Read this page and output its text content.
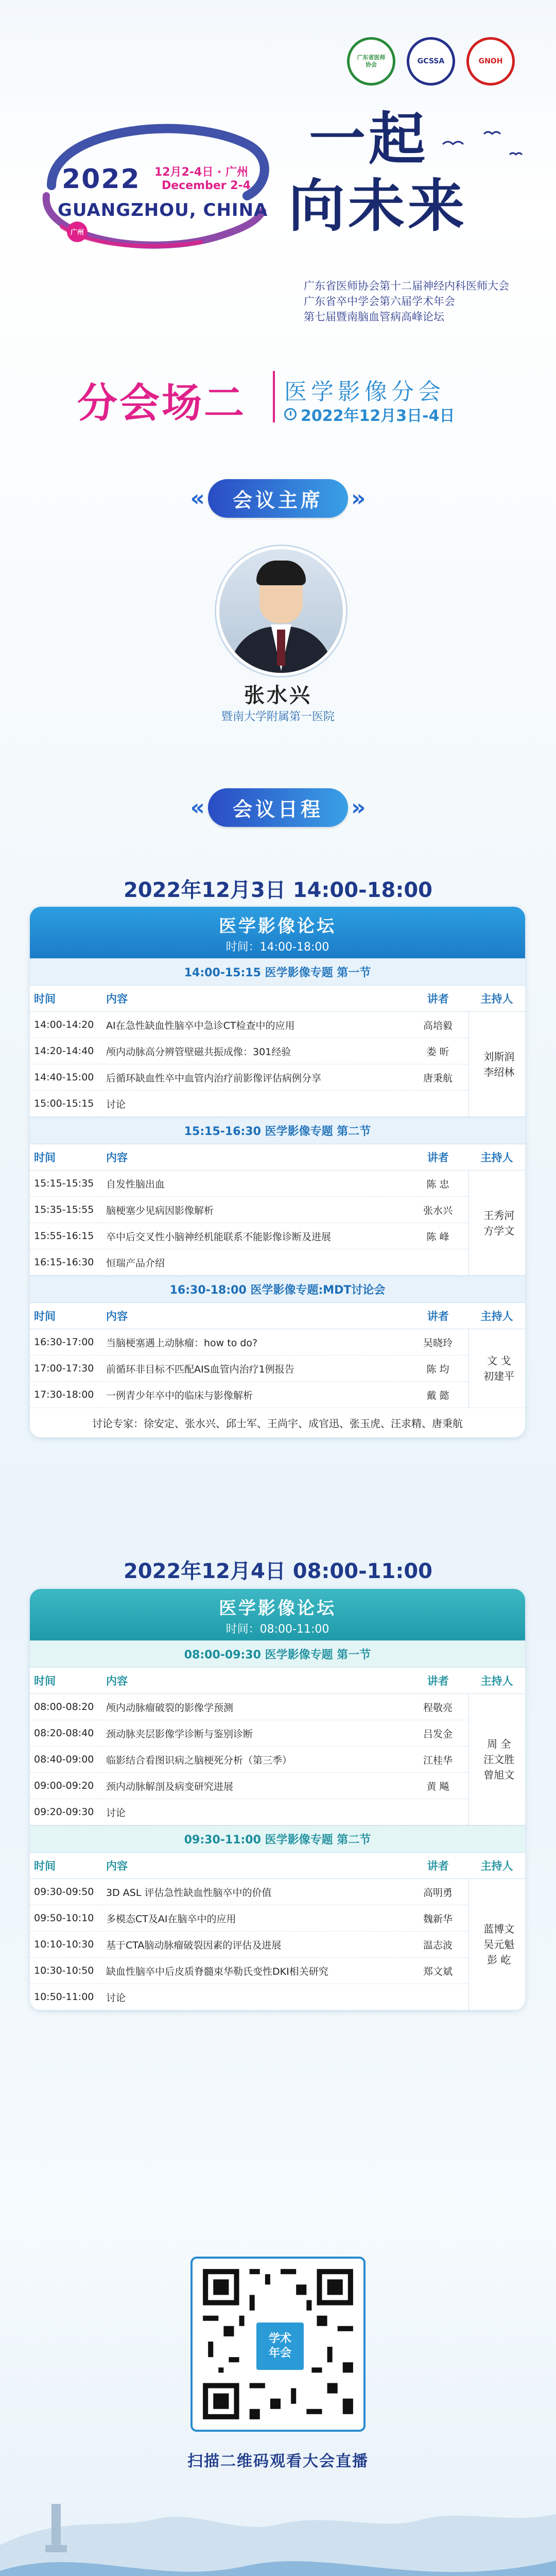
广东省医师协会	GCSSA	GNOH
广州
2022 12月2-4日 · 广州
December 2-4
GUANGZHOU, CHINA
一起
向未来
广东省医师协会第十二届神经内科医师大会
广东省卒中学会第六届学术年会
第七届暨南脑血管病高峰论坛
分会场二 医学影像分会
2022年12月3日-4日
«	会议主席	»
张水兴
暨南大学附属第一医院
«	会议日程	»
2022年12月3日 14:00-18:00
医学影像论坛
时间：14:00-18:00
14:00-15:15 医学影像专题 第一节
时间	内容	讲者	主持人
14:00-14:20	AI在急性缺血性脑卒中急诊CT检查中的应用	高培毅	刘斯润
李绍林

14:20-14:40	颅内动脉高分辨管壁磁共振成像：301经验	娄 昕	
14:40-15:00	后循环缺血性卒中血管内治疗前影像评估病例分享	唐秉航	
15:00-15:15	讨论		
15:15-16:30 医学影像专题 第二节
时间	内容	讲者	主持人
15:15-15:35	自发性脑出血	陈 忠	王秀河
方学文

15:35-15:55	脑梗塞少见病因影像解析	张水兴	
15:55-16:15	卒中后交叉性小脑神经机能联系不能影像诊断及进展	陈 峰	
16:15-16:30	恒瑞产品介绍		
16:30-18:00 医学影像专题:MDT讨论会
时间	内容	讲者	主持人
16:30-17:00	当脑梗塞遇上动脉瘤：how to do?	吴晓玲	文 戈
初建平

17:00-17:30	前循环非目标不匹配AIS血管内治疗1例报告	陈 均	
17:30-18:00	一例青少年卒中的临床与影像解析	戴 懿	
讨论专家：徐安定、张水兴、邱士军、王尚宇、成官迅、张玉虎、汪求精、唐秉航
2022年12月4日 08:00-11:00
医学影像论坛
时间：08:00-11:00
08:00-09:30 医学影像专题 第一节
时间	内容	讲者	主持人
08:00-08:20	颅内动脉瘤破裂的影像学预测	程敬亮	周 全
汪文胜
曾旭文

08:20-08:40	颈动脉夹层影像学诊断与鉴别诊断	吕发金	
08:40-09:00	临影结合看图识病之脑梗死分析（第三季）	江桂华	
09:00-09:20	颈内动脉解剖及病变研究进展	黄 飚	
09:20-09:30	讨论		
09:30-11:00 医学影像专题 第二节
时间	内容	讲者	主持人
09:30-09:50	3D ASL 评估急性缺血性脑卒中的价值	高明勇	蓝博文
吴元魁
彭 屹

09:50-10:10	多模态CT及AI在脑卒中的应用	魏新华	
10:10-10:30	基于CTA脑动脉瘤破裂因素的评估及进展	温志波	
10:30-10:50	缺血性脑卒中后皮质脊髓束华勒氏变性DKI相关研究	郑文斌	
10:50-11:00	讨论		
学术
年会
扫描二维码观看大会直播
